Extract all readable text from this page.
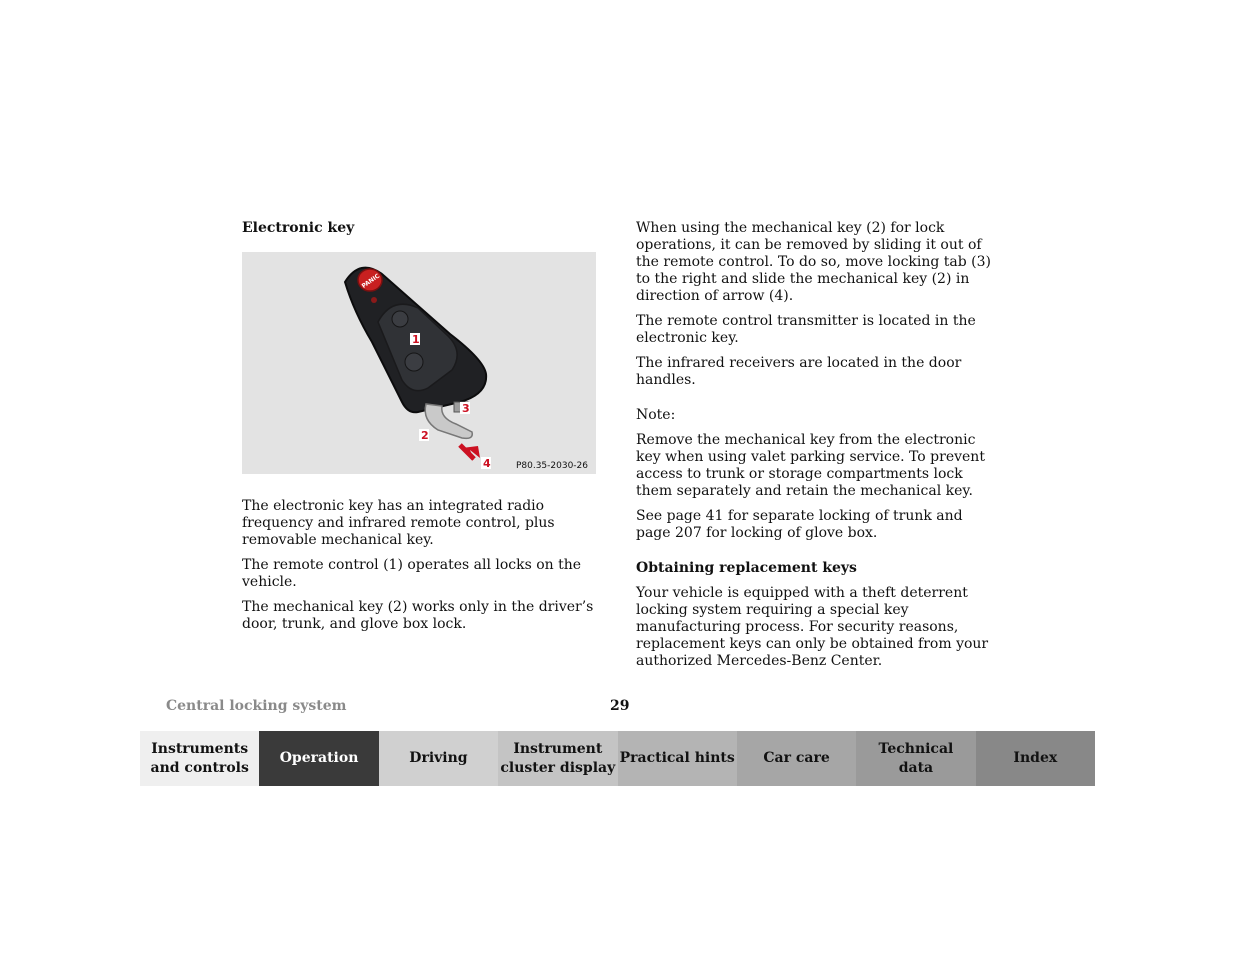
Electronic key
PANIC
1
2
3
4	P80.35-2030-26

The electronic key has an integrated radio frequency and infrared remote control, plus removable mechanical key.

The remote control (1) operates all locks on the vehicle.

The mechanical key (2) works only in the driver’s door, trunk, and glove box lock.

When using the mechanical key (2) for lock operations, it can be removed by sliding it out of the remote control. To do so, move locking tab (3) to the right and slide the mechanical key (2) in direction of arrow (4).

The remote control transmitter is located in the electronic key.

The infrared receivers are located in the door handles.

Note:

Remove the mechanical key from the electronic key when using valet parking service. To prevent access to trunk or storage compartments lock them separately and retain the mechanical key.

See page 41 for separate locking of trunk and page 207 for locking of glove box.

Obtaining replacement keys

Your vehicle is equipped with a theft deterrent locking system requiring a special key manufacturing process. For security reasons, replacement keys can only be obtained from your authorized Mercedes-Benz Center.

Central locking system	29
Instruments
and controls
Operation	Driving
Instrument
cluster display
Practical hints	Car care
Technical
data
Index
